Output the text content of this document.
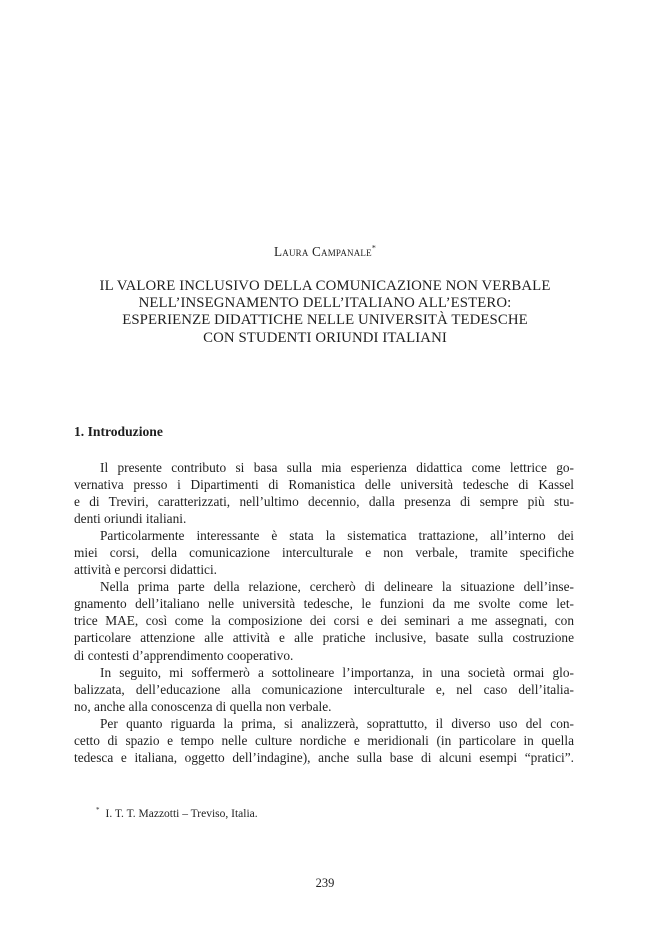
Laura Campanale*
IL VALORE INCLUSIVO DELLA COMUNICAZIONE NON VERBALE
NELL’INSEGNAMENTO DELL’ITALIANO ALL’ESTERO:
ESPERIENZE DIDATTICHE NELLE UNIVERSITÀ TEDESCHE
CON STUDENTI ORIUNDI ITALIANI
1. Introduzione
Il presente contributo si basa sulla mia esperienza didattica come lettrice go-
vernativa presso i Dipartimenti di Romanistica delle università tedesche di Kassel
e di Treviri, caratterizzati, nell’ultimo decennio, dalla presenza di sempre più stu-
denti oriundi italiani.
Particolarmente interessante è stata la sistematica trattazione, all’interno dei
miei corsi, della comunicazione interculturale e non verbale, tramite specifiche
attività e percorsi didattici.
Nella prima parte della relazione, cercherò di delineare la situazione dell’inse-
gnamento dell’italiano nelle università tedesche, le funzioni da me svolte come let-
trice MAE, così come la composizione dei corsi e dei seminari a me assegnati, con
particolare attenzione alle attività e alle pratiche inclusive, basate sulla costruzione
di contesti d’apprendimento cooperativo.
In seguito, mi soffermerò a sottolineare l’importanza, in una società ormai glo-
balizzata, dell’educazione alla comunicazione interculturale e, nel caso dell’italia-
no, anche alla conoscenza di quella non verbale.
Per quanto riguarda la prima, si analizzerà, soprattutto, il diverso uso del con-
cetto di spazio e tempo nelle culture nordiche e meridionali (in particolare in quella
tedesca e italiana, oggetto dell’indagine), anche sulla base di alcuni esempi “pratici”.
* I. T. T. Mazzotti – Treviso, Italia.
239
